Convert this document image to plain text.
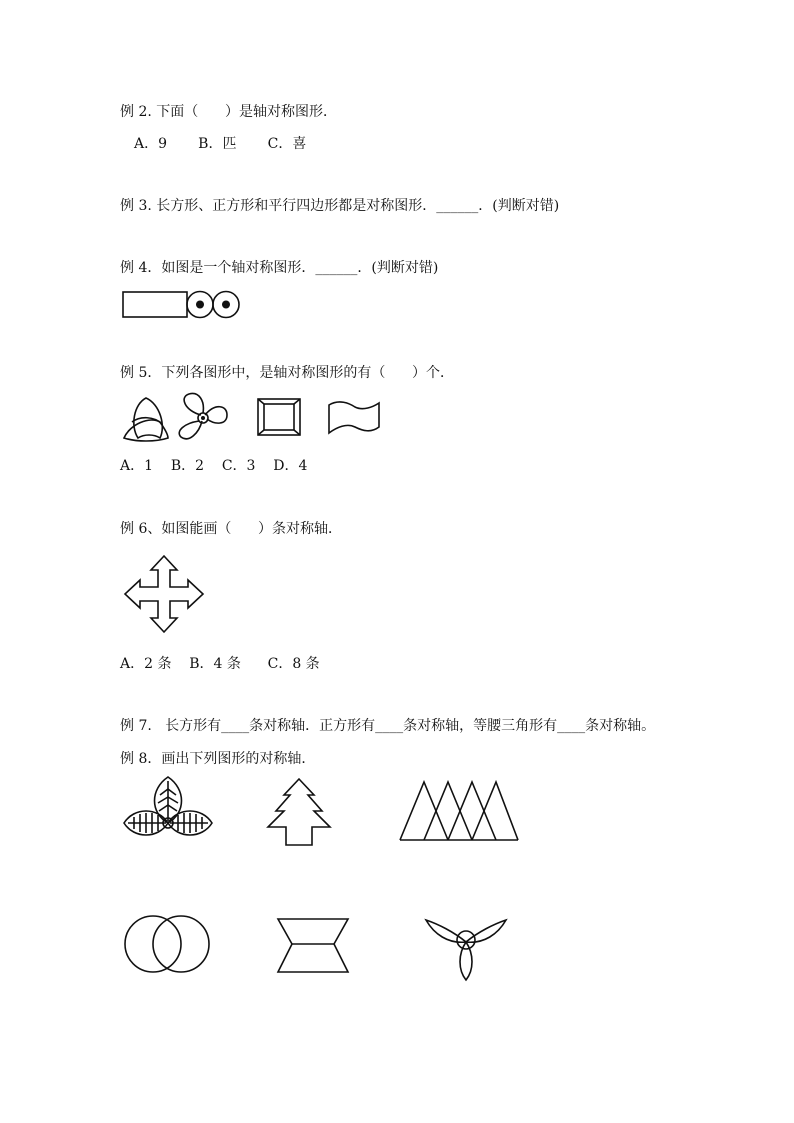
例 2. 下面（      ）是轴对称图形．
A．9       B．匹       C．喜
例 3. 长方形、正方形和平行四边形都是对称图形．______．(判断对错)
例 4．如图是一个轴对称图形．______．(判断对错)
例 5．下列各图形中，是轴对称图形的有（      ）个．
A．1    B．2    C．3    D．4
例 6、如图能画（      ）条对称轴．
A．2 条    B．4 条      C．8 条
例 7.   长方形有____条对称轴．正方形有____条对称轴，等腰三角形有____条对称轴。
例 8．画出下列图形的对称轴．
